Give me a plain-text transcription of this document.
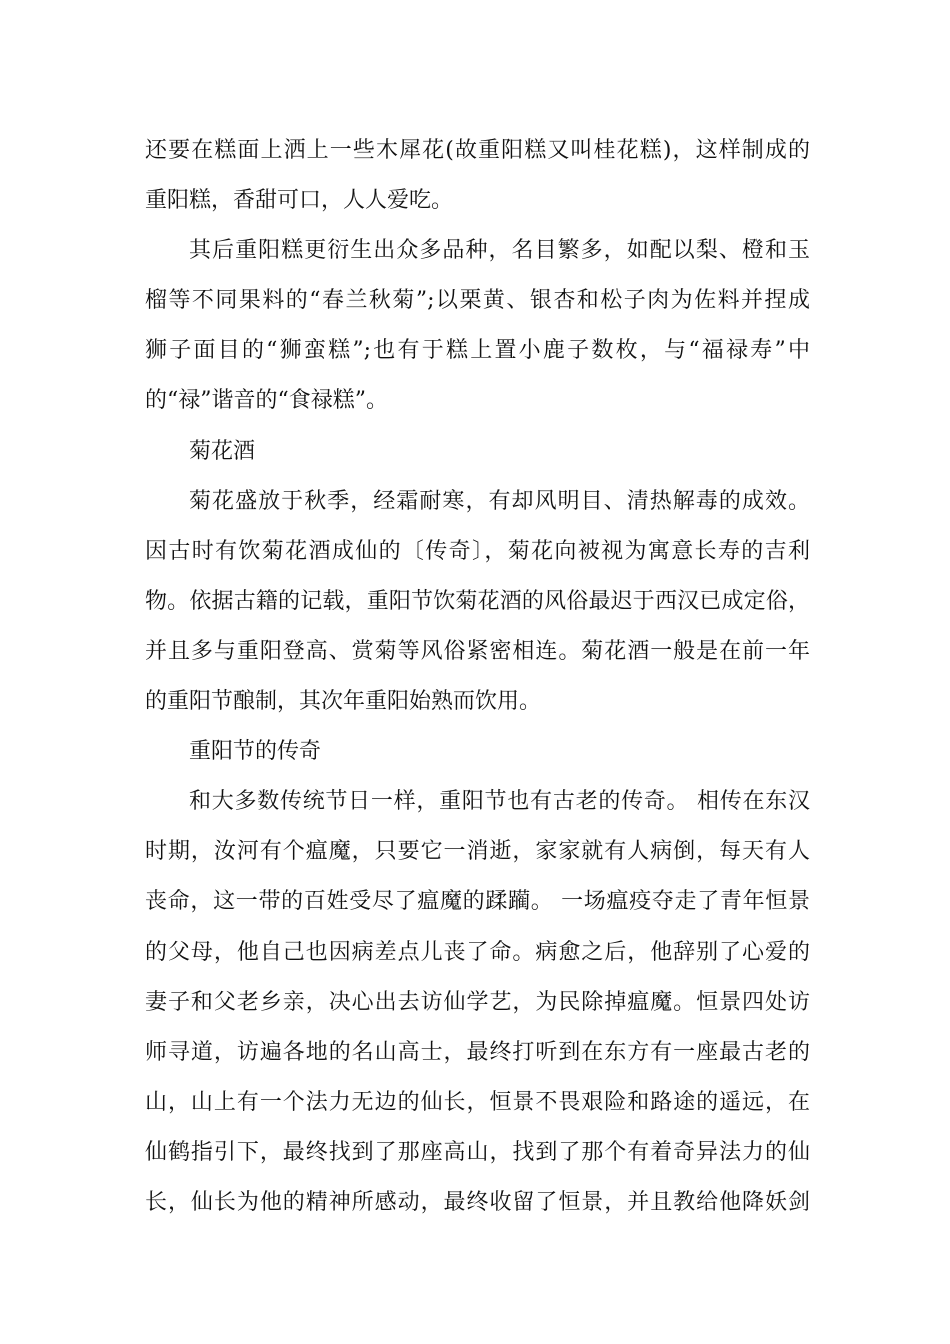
还要在糕面上洒上一些木犀花(故重阳糕又叫桂花糕)，这样制成的
重阳糕，香甜可口，人人爱吃。
其后重阳糕更衍生出众多品种，名目繁多，如配以梨、橙和玉
榴等不同果料的“春兰秋菊”;以栗黄、银杏和松子肉为佐料并捏成
狮子面目的“狮蛮糕”;也有于糕上置小鹿子数枚，与“福禄寿”中
的“禄”谐音的“食禄糕”。
菊花酒
菊花盛放于秋季，经霜耐寒，有却风明目、清热解毒的成效。
因古时有饮菊花酒成仙的〔传奇〕，菊花向被视为寓意长寿的吉利
物。依据古籍的记载，重阳节饮菊花酒的风俗最迟于西汉已成定俗，
并且多与重阳登高、赏菊等风俗紧密相连。菊花酒一般是在前一年
的重阳节酿制，其次年重阳始熟而饮用。
重阳节的传奇
和大多数传统节日一样，重阳节也有古老的传奇。 相传在东汉
时期，汝河有个瘟魔，只要它一消逝，家家就有人病倒，每天有人
丧命，这一带的百姓受尽了瘟魔的蹂躏。 一场瘟疫夺走了青年恒景
的父母，他自己也因病差点儿丧了命。病愈之后，他辞别了心爱的
妻子和父老乡亲，决心出去访仙学艺，为民除掉瘟魔。恒景四处访
师寻道，访遍各地的名山高士，最终打听到在东方有一座最古老的
山，山上有一个法力无边的仙长，恒景不畏艰险和路途的遥远，在
仙鹤指引下，最终找到了那座高山，找到了那个有着奇异法力的仙
长，仙长为他的精神所感动，最终收留了恒景，并且教给他降妖剑
